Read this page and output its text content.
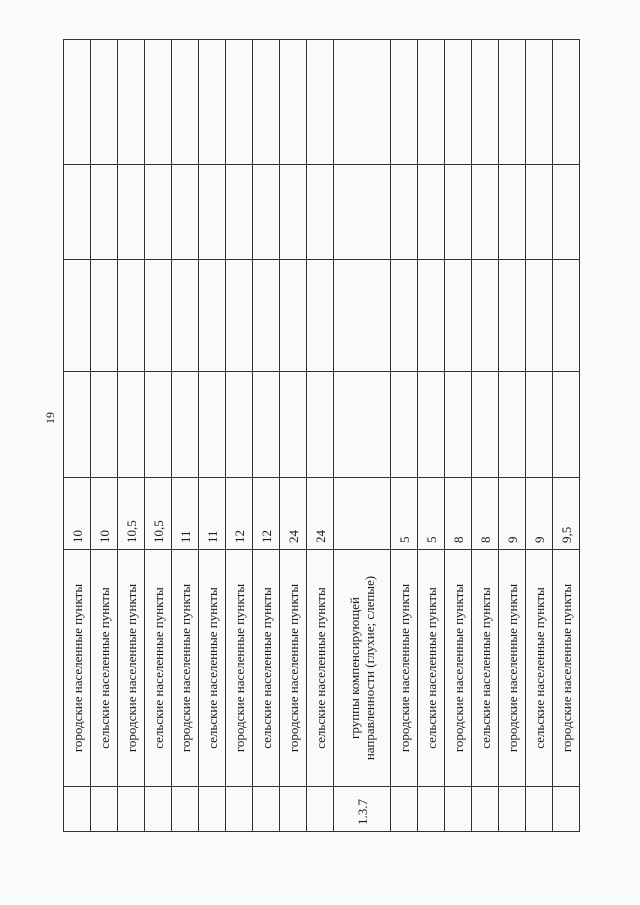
19
	городские населенные пункты	10				
	сельские населенные пункты	10				
	городские населенные пункты	10,5				
	сельские населенные пункты	10,5				
	городские населенные пункты	11				
	сельские населенные пункты	11				
	городские населенные пункты	12				
	сельские населенные пункты	12				
	городские населенные пункты	24				
	сельские населенные пункты	24				
1.3.7	группы компенсирующей направленности (глухие; слепые)					
	городские населенные пункты	5				
	сельские населенные пункты	5				
	городские населенные пункты	8				
	сельские населенные пункты	8				
	городские населенные пункты	9				
	сельские населенные пункты	9				
	городские населенные пункты	9,5				
